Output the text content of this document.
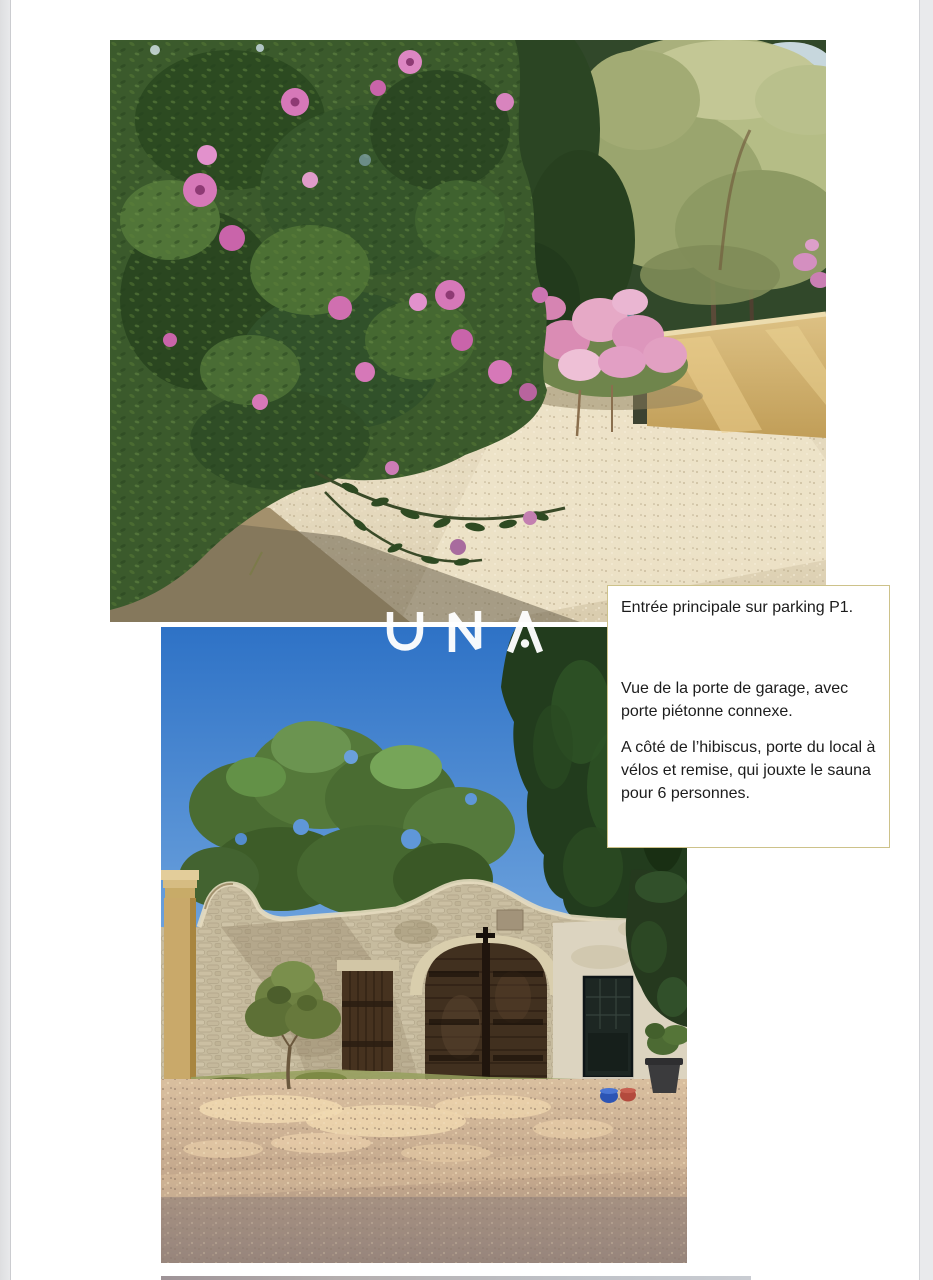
Entrée principale sur parking P1.

Vue de la porte de garage, avec
porte piétonne connexe.

A côté de l’hibiscus, porte du local à
vélos et remise, qui jouxte le sauna
pour 6 personnes.
